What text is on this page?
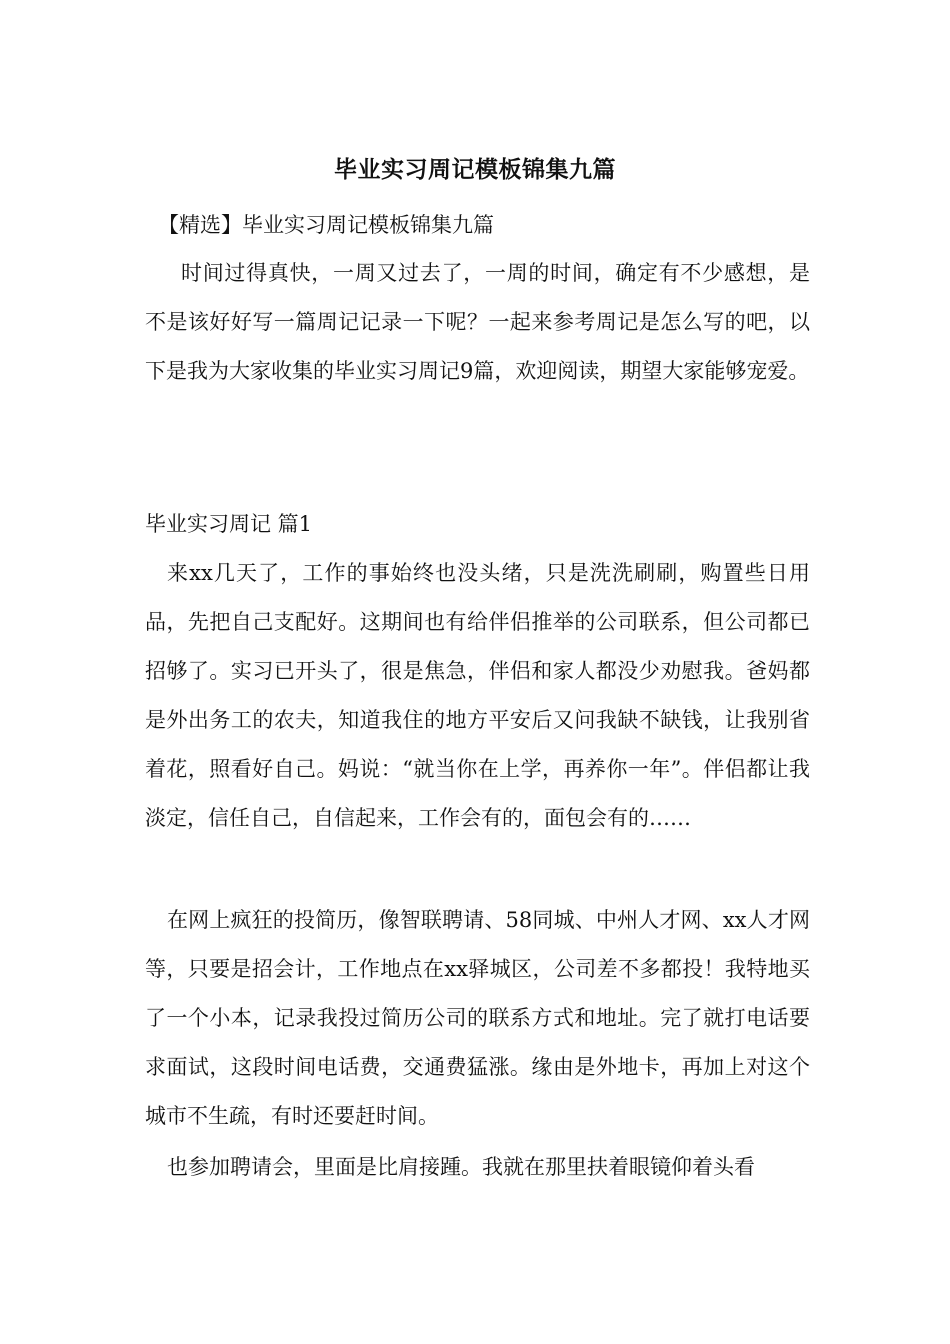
毕业实习周记模板锦集九篇

【精选】毕业实习周记模板锦集九篇

时间过得真快，一周又过去了，一周的时间，确定有不少感想，是不是该好好写一篇周记记录一下呢？一起来参考周记是怎么写的吧，以下是我为大家收集的毕业实习周记9篇，欢迎阅读，期望大家能够宠爱。

毕业实习周记 篇1

来xx几天了，工作的事始终也没头绪，只是洗洗刷刷，购置些日用品，先把自己支配好。这期间也有给伴侣推举的公司联系，但公司都已招够了。实习已开头了，很是焦急，伴侣和家人都没少劝慰我。爸妈都是外出务工的农夫，知道我住的地方平安后又问我缺不缺钱，让我别省着花，照看好自己。妈说：“就当你在上学，再养你一年”。伴侣都让我淡定，信任自己，自信起来，工作会有的，面包会有的……

在网上疯狂的投简历，像智联聘请、58同城、中州人才网、xx人才网等，只要是招会计，工作地点在xx驿城区，公司差不多都投！我特地买了一个小本，记录我投过简历公司的联系方式和地址。完了就打电话要求面试，这段时间电话费，交通费猛涨。缘由是外地卡，再加上对这个城市不生疏，有时还要赶时间。

也参加聘请会，里面是比肩接踵。我就在那里扶着眼镜仰着头看
